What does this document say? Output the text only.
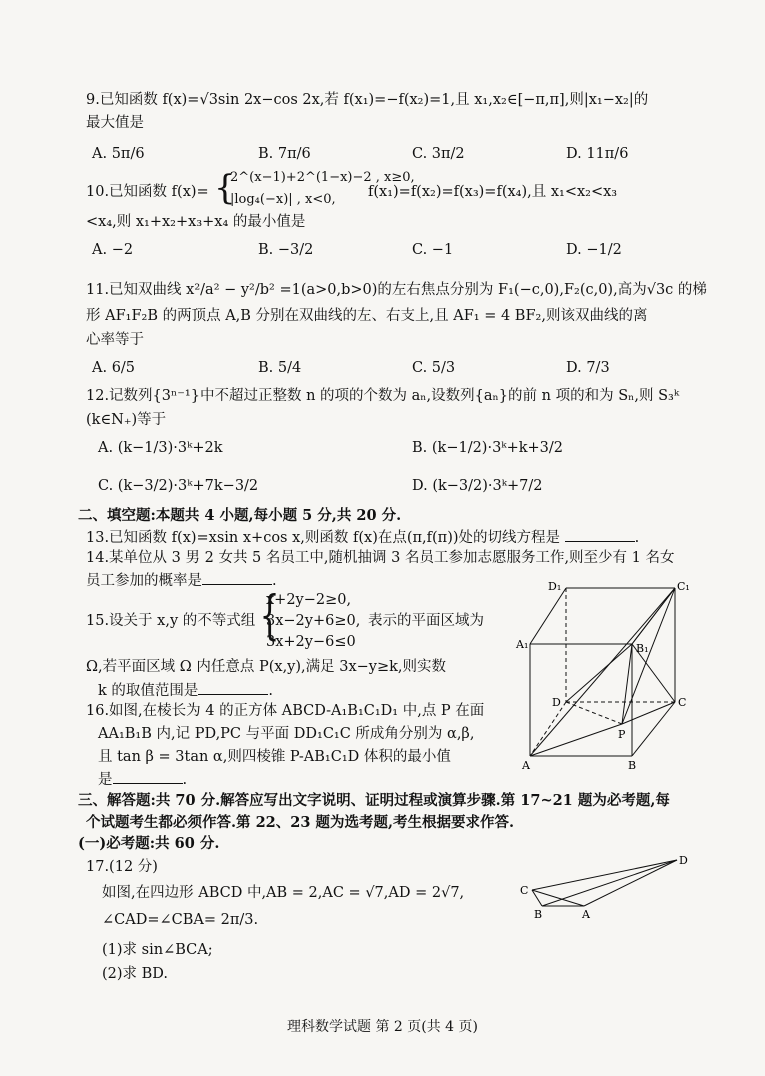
9.已知函数 f(x)=√3sin 2x−cos 2x,若 f(x₁)=−f(x₂)=1,且 x₁,x₂∈[−π,π],则|x₁−x₂|的
最大值是
A. 5π/6	B. 7π/6	C. 3π/2	D. 11π/6
10.已知函数 f(x)= {
2^(x−1)+2^(1−x)−2 , x≥0,
|log₄(−x)| , x<0, f(x₁)=f(x₂)=f(x₃)=f(x₄),且 x₁<x₂<x₃
<x₄,则 x₁+x₂+x₃+x₄ 的最小值是
A. −2	B. −3/2	C. −1	D. −1/2
11.已知双曲线 x²/a² − y²/b² =1(a>0,b>0)的左右焦点分别为 F₁(−c,0),F₂(c,0),高为√3c 的梯
形 AF₁F₂B 的两顶点 A,B 分别在双曲线的左、右支上,且 AF₁ = 4 BF₂,则该双曲线的离
心率等于
A. 6/5	B. 5/4	C. 5/3	D. 7/3
12.记数列{3ⁿ⁻¹}中不超过正整数 n 的项的个数为 aₙ,设数列{aₙ}的前 n 项的和为 Sₙ,则 S₃ᵏ
(k∈N₊)等于
A. (k−1/3)·3ᵏ+2k	B. (k−1/2)·3ᵏ+k+3/2
C. (k−3/2)·3ᵏ+7k−3/2	D. (k−3/2)·3ᵏ+7/2
二、填空题:本题共 4 小题,每小题 5 分,共 20 分.
13.已知函数 f(x)=xsin x+cos x,则函数 f(x)在点(π,f(π))处的切线方程是	.
14.某单位从 3 男 2 女共 5 名员工中,随机抽调 3 名员工参加志愿服务工作,则至少有 1 名女
员工参加的概率是	.
15.设关于 x,y 的不等式组 {
x+2y−2≥0,
3x−2y+6≥0,
3x+2y−6≤0
表示的平面区域为
Ω,若平面区域 Ω 内任意点 P(x,y),满足 3x−y≥k,则实数
k 的取值范围是	.
16.如图,在棱长为 4 的正方体 ABCD-A₁B₁C₁D₁ 中,点 P 在面
AA₁B₁B 内,记 PD,PC 与平面 DD₁C₁C 所成角分别为 α,β,
且 tan β = 3tan α,则四棱锥 P-AB₁C₁D 体积的最小值
是	.
D₁	C₁
A₁	B₁
D	C
P
A	B
三、解答题:共 70 分.解答应写出文字说明、证明过程或演算步骤.第 17~21 题为必考题,每
个试题考生都必须作答.第 22、23 题为选考题,考生根据要求作答.
(一)必考题:共 60 分.
17.(12 分)
如图,在四边形 ABCD 中,AB = 2,AC = √7,AD = 2√7,
∠CAD=∠CBA= 2π/3.
(1)求 sin∠BCA;
(2)求 BD.
C
D
B	A
理科数学试题 第 2 页(共 4 页)
